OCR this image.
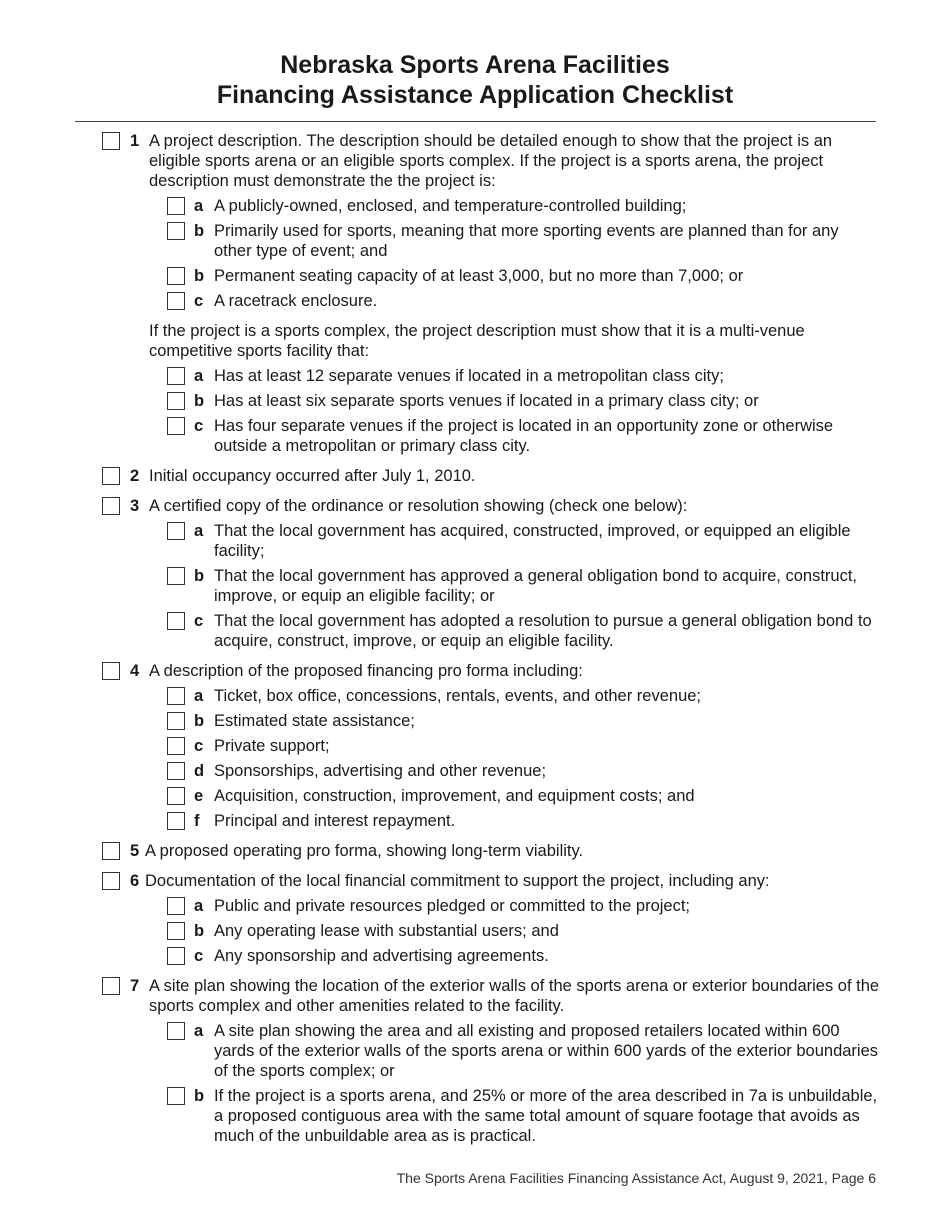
Nebraska Sports Arena Facilities
Financing Assistance Application Checklist
1 A project description. The description should be detailed enough to show that the project is an eligible sports arena or an eligible sports complex. If the project is a sports arena, the project description must demonstrate the the project is:
a A publicly-owned, enclosed, and temperature-controlled building;
b Primarily used for sports, meaning that more sporting events are planned than for any other type of event; and
b Permanent seating capacity of at least 3,000, but no more than 7,000; or
c A racetrack enclosure.
If the project is a sports complex, the project description must show that it is a multi-venue competitive sports facility that:
a Has at least 12 separate venues if located in a metropolitan class city;
b Has at least six separate sports venues if located in a primary class city; or
c Has four separate venues if the project is located in an opportunity zone or otherwise outside a metropolitan or primary class city.
2 Initial occupancy occurred after July 1, 2010.
3 A certified copy of the ordinance or resolution showing (check one below):
a That the local government has acquired, constructed, improved, or equipped an eligible facility;
b That the local government has approved a general obligation bond to acquire, construct, improve, or equip an eligible facility; or
c That the local government has adopted a resolution to pursue a general obligation bond to acquire, construct, improve, or equip an eligible facility.
4 A description of the proposed financing pro forma including:
a Ticket, box office, concessions, rentals, events, and other revenue;
b Estimated state assistance;
c Private support;
d Sponsorships, advertising and other revenue;
e Acquisition, construction, improvement, and equipment costs; and
f Principal and interest repayment.
5 A proposed operating pro forma, showing long-term viability.
6 Documentation of the local financial commitment to support the project, including any:
a Public and private resources pledged or committed to the project;
b Any operating lease with substantial users; and
c Any sponsorship and advertising agreements.
7 A site plan showing the location of the exterior walls of the sports arena or exterior boundaries of the sports complex and other amenities related to the facility.
a A site plan showing the area and all existing and proposed retailers located within 600 yards of the exterior walls of the sports arena or within 600 yards of the exterior boundaries of the sports complex; or
b If the project is a sports arena, and 25% or more of the area described in 7a is unbuildable, a proposed contiguous area with the same total amount of square footage that avoids as much of the unbuildable area as is practical.
The Sports Arena Facilities Financing Assistance Act, August 9, 2021, Page 6
